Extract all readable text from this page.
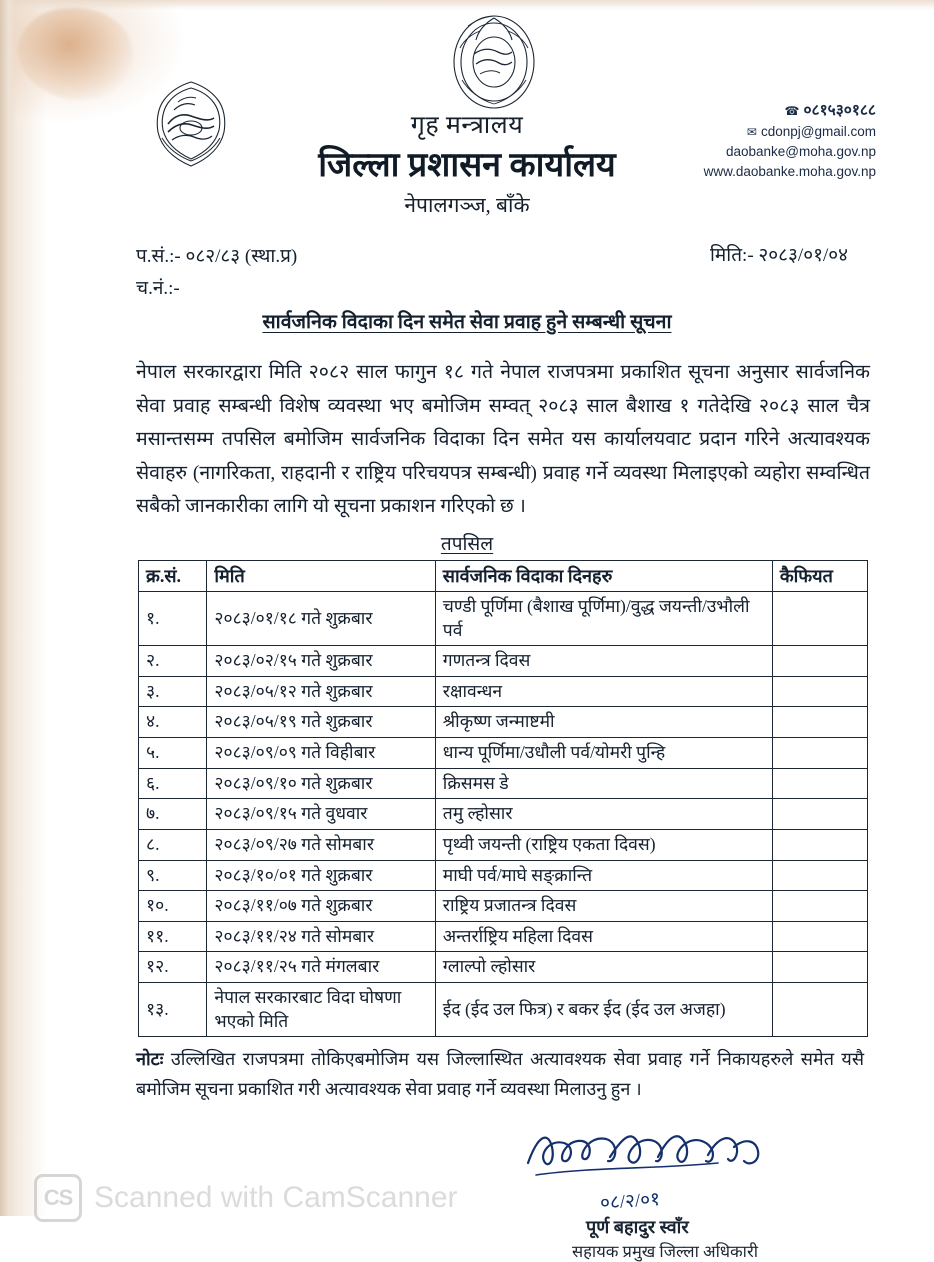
गृह मन्त्रालय
जिल्ला प्रशासन कार्यालय
नेपालगञ्ज, बाँके
☎ ०८१५३०१८८
✉ cdonpj@gmail.com
daobanke@moha.gov.np
www.daobanke.moha.gov.np
प.सं.:- ०८२/८३ (स्था.प्र)
च.नं.:-
मिति:- २०८३/०१/०४
सार्वजनिक विदाका दिन समेत सेवा प्रवाह हुने सम्बन्धी सूचना
नेपाल सरकारद्वारा मिति २०८२ साल फागुन १८ गते नेपाल राजपत्रमा प्रकाशित सूचना अनुसार सार्वजनिक सेवा प्रवाह सम्बन्धी विशेष व्यवस्था भए बमोजिम सम्वत् २०८३ साल बैशाख १ गतेदेखि २०८३ साल चैत्र मसान्तसम्म तपसिल बमोजिम सार्वजनिक विदाका दिन समेत यस कार्यालयवाट प्रदान गरिने अत्यावश्यक सेवाहरु (नागरिकता, राहदानी र राष्ट्रिय परिचयपत्र सम्बन्धी) प्रवाह गर्ने व्यवस्था मिलाइएको व्यहोरा सम्वन्धित सबैको जानकारीका लागि यो सूचना प्रकाशन गरिएको छ ।
तपसिल
क्र.सं.	मिति	सार्वजनिक विदाका दिनहरु	कैफियत
१.	२०८३/०१/१८ गते शुक्रबार	चण्डी पूर्णिमा (बैशाख पूर्णिमा)/वुद्ध जयन्ती/उभौली पर्व	
२.	२०८३/०२/१५ गते शुक्रबार	गणतन्त्र दिवस	
३.	२०८३/०५/१२ गते शुक्रबार	रक्षावन्धन	
४.	२०८३/०५/१९ गते शुक्रबार	श्रीकृष्ण जन्माष्टमी	
५.	२०८३/०९/०९ गते विहीबार	धान्य पूर्णिमा/उधौली पर्व/योमरी पुन्हि	
६.	२०८३/०९/१० गते शुक्रबार	क्रिसमस डे	
७.	२०८३/०९/१५ गते वुधवार	तमु ल्होसार	
८.	२०८३/०९/२७ गते सोमबार	पृथ्वी जयन्ती (राष्ट्रिय एकता दिवस)	
९.	२०८३/१०/०१ गते शुक्रबार	माघी पर्व/माघे सङ्क्रान्ति	
१०.	२०८३/११/०७ गते शुक्रबार	राष्ट्रिय प्रजातन्त्र दिवस	
११.	२०८३/११/२४ गते सोमबार	अन्तर्राष्ट्रिय महिला दिवस	
१२.	२०८३/११/२५ गते मंगलबार	ग्लाल्पो ल्होसार	
१३.	नेपाल सरकारबाट विदा घोषणा भएको मिति	ईद (ईद उल फित्र) र बकर ईद (ईद उल अजहा)	
नोटः उल्लिखित राजपत्रमा तोकिएबमोजिम यस जिल्लास्थित अत्यावश्यक सेवा प्रवाह गर्ने निकायहरुले समेत यसै बमोजिम सूचना प्रकाशित गरी अत्यावश्यक सेवा प्रवाह गर्ने व्यवस्था मिलाउनु हुन ।
०८/२/०१
पूर्ण बहादुर स्वाँर
सहायक प्रमुख जिल्ला अधिकारी
CS Scanned with CamScanner
